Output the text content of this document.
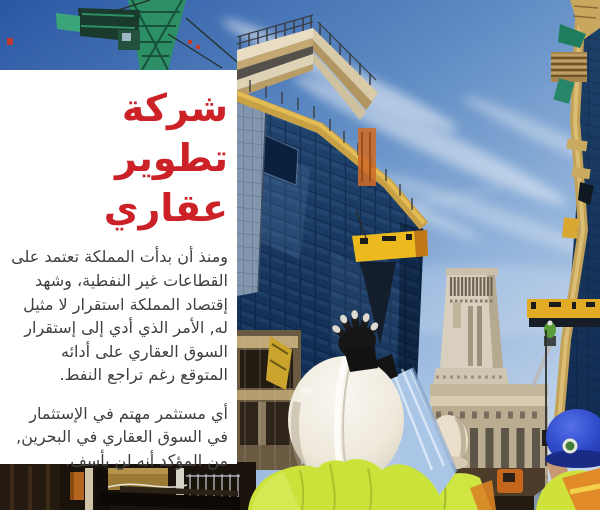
شركة تطوير عقاري

ومنذ أن بدأت المملكة تعتمد على القطاعات غير النفطية، وشهد إقتصاد المملكة استقرار لا مثيل له, الأمر الذي أدي إلى إستقرار السوق العقاري على أدائه المتوقع رغم تراجع النفط.

أي مستثمر مهتم في الإستثمار في السوق العقاري في البحرين, من المؤكد أنه لن يأسف.
